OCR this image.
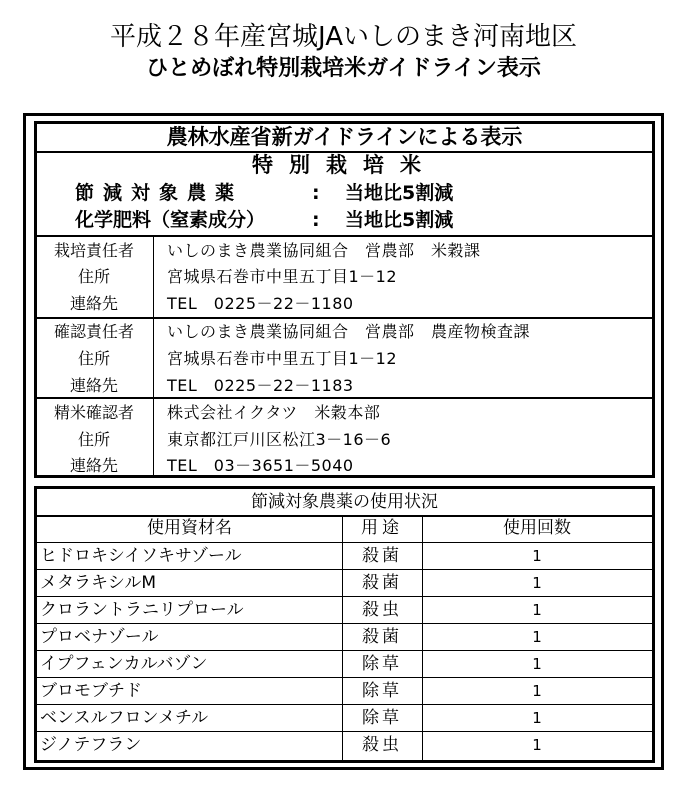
平成２８年産宮城JAいしのまき河南地区
ひとめぼれ特別栽培米ガイドライン表示
農林水産省新ガイドラインによる表示
特別栽培米
節減対象農薬	: 当地比5割減
化学肥料（窒素成分） : 当地比5割減
栽培責任者	いしのまき農業協同組合　営農部　米穀課
住所	宮城県石巻市中里五丁目1－12
連絡先	TEL　0225－22－1180
確認責任者	いしのまき農業協同組合　営農部　農産物検査課
住所	宮城県石巻市中里五丁目1－12
連絡先	TEL　0225－22－1183
精米確認者	株式会社イクタツ　米穀本部
住所	東京都江戸川区松江3－16－6
連絡先	TEL　03－3651－5040
節減対象農薬の使用状況
使用資材名	用途	使用回数
ヒドロキシイソキサゾール	殺菌	1
メタラキシルM	殺菌	1
クロラントラニリプロール	殺虫	1
プロベナゾール	殺菌	1
イプフェンカルバゾン	除草	1
ブロモブチド	除草	1
ベンスルフロンメチル	除草	1
ジノテフラン	殺虫	1
